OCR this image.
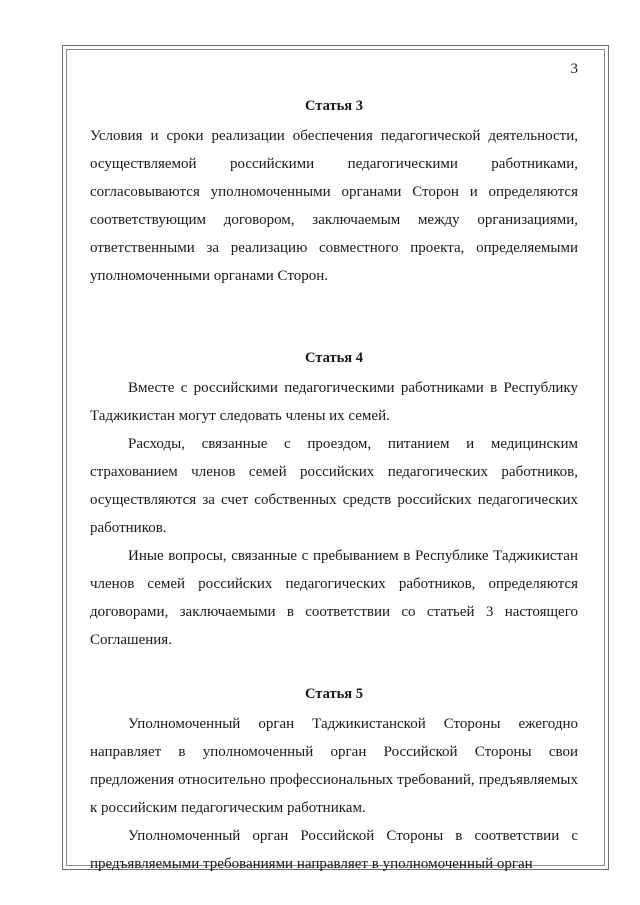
3

Статья 3

Условия и сроки реализации обеспечения педагогической деятельности, осуществляемой российскими педагогическими работниками, согласовываются уполномоченными органами Сторон и определяются соответствующим договором, заключаемым между организациями, ответственными за реализацию совместного проекта, определяемыми уполномоченными органами Сторон.

Статья 4

Вместе с российскими педагогическими работниками в Республику Таджикистан могут следовать члены их семей.

Расходы, связанные с проездом, питанием и медицинским страхованием членов семей российских педагогических работников, осуществляются за счет собственных средств российских педагогических работников.

Иные вопросы, связанные с пребыванием в Республике Таджикистан членов семей российских педагогических работников, определяются договорами, заключаемыми в соответствии со статьей 3 настоящего Соглашения.

Статья 5

Уполномоченный орган Таджикистанской Стороны ежегодно направляет в уполномоченный орган Российской Стороны свои предложения относительно профессиональных требований, предъявляемых к российским педагогическим работникам.

Уполномоченный орган Российской Стороны в соответствии с предъявляемыми требованиями направляет в уполномоченный орган
